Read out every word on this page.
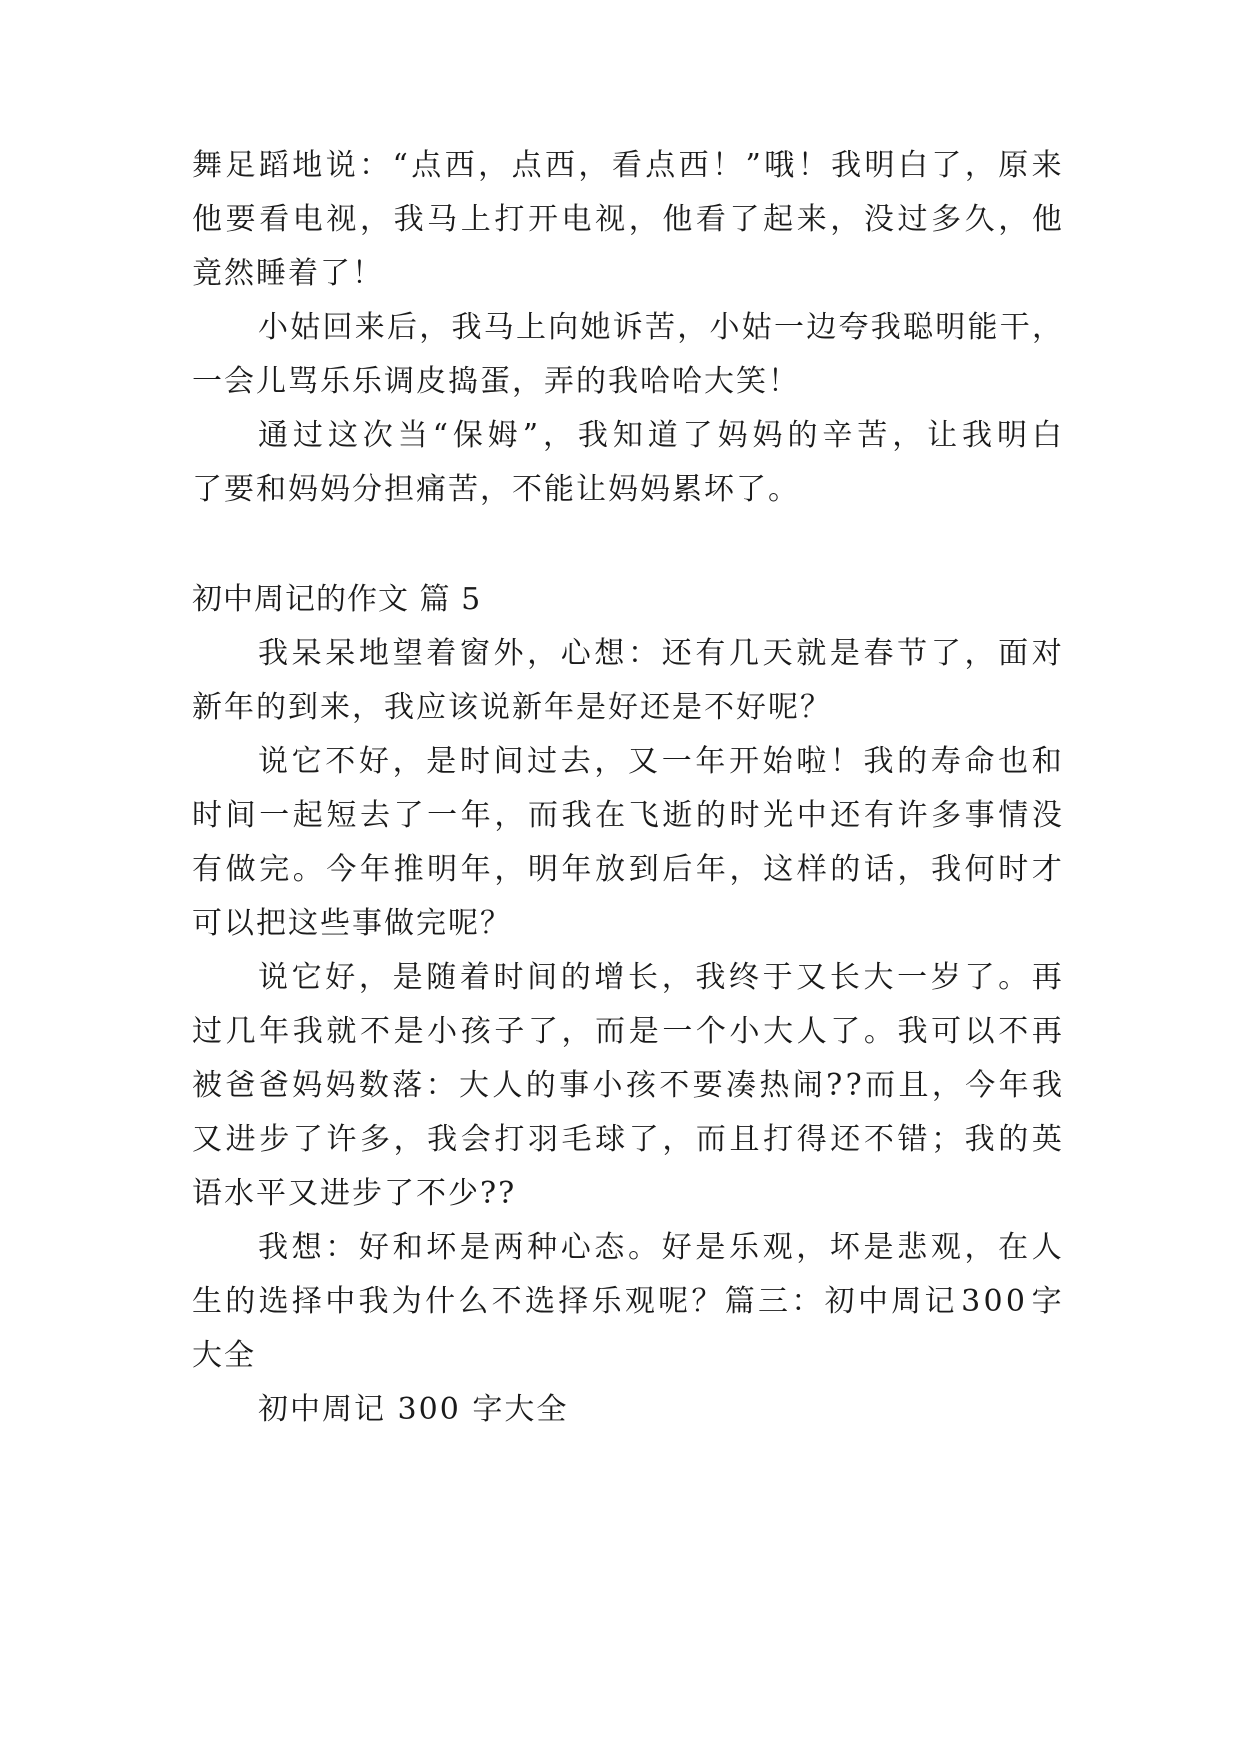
舞 足 蹈 地 说 ： “ 点 西 ， 点 西 ， 看 点 西 ！ ” 哦 ！ 我 明 白 了 ， 原 来
他 要 看 电 视 ， 我 马 上 打 开 电 视 ， 他 看 了 起 来 ， 没 过 多 久 ， 他
竟然睡着了！
小 姑 回 来 后 ， 我 马 上 向 她 诉 苦 ， 小 姑 一 边 夸 我 聪 明 能 干 ，
一会儿骂乐乐调皮捣蛋，弄的我哈哈大笑！
通 过 这 次 当 “ 保 姆 ” ， 我 知 道 了 妈 妈 的 辛 苦 ， 让 我 明 白
了要和妈妈分担痛苦，不能让妈妈累坏了。
初中周记的作文 篇 5
我 呆 呆 地 望 着 窗 外 ， 心 想 ： 还 有 几 天 就 是 春 节 了 ， 面 对
新年的到来，我应该说新年是好还是不好呢？
说 它 不 好 ， 是 时 间 过 去 ， 又 一 年 开 始 啦 ！ 我 的 寿 命 也 和
时 间 一 起 短 去 了 一 年 ， 而 我 在 飞 逝 的 时 光 中 还 有 许 多 事 情 没
有 做 完 。 今 年 推 明 年 ， 明 年 放 到 后 年 ， 这 样 的 话 ， 我 何 时 才
可以把这些事做完呢？
说 它 好 ， 是 随 着 时 间 的 增 长 ， 我 终 于 又 长 大 一 岁 了 。 再
过 几 年 我 就 不 是 小 孩 子 了 ， 而 是 一 个 小 大 人 了 。 我 可 以 不 再
被 爸 爸 妈 妈 数 落 ： 大 人 的 事 小 孩 不 要 凑 热 闹 ? ? 而 且 ， 今 年 我
又 进 步 了 许 多 ， 我 会 打 羽 毛 球 了 ， 而 且 打 得 还 不 错 ； 我 的 英
语水平又进步了不少??
我 想 ： 好 和 坏 是 两 种 心 态 。 好 是 乐 观 ， 坏 是 悲 观 ， 在 人
生 的 选 择 中 我 为 什 么 不 选 择 乐 观 呢 ？ 篇 三 ： 初 中 周 记 3 0 0 字
大全
初中周记 300 字大全
